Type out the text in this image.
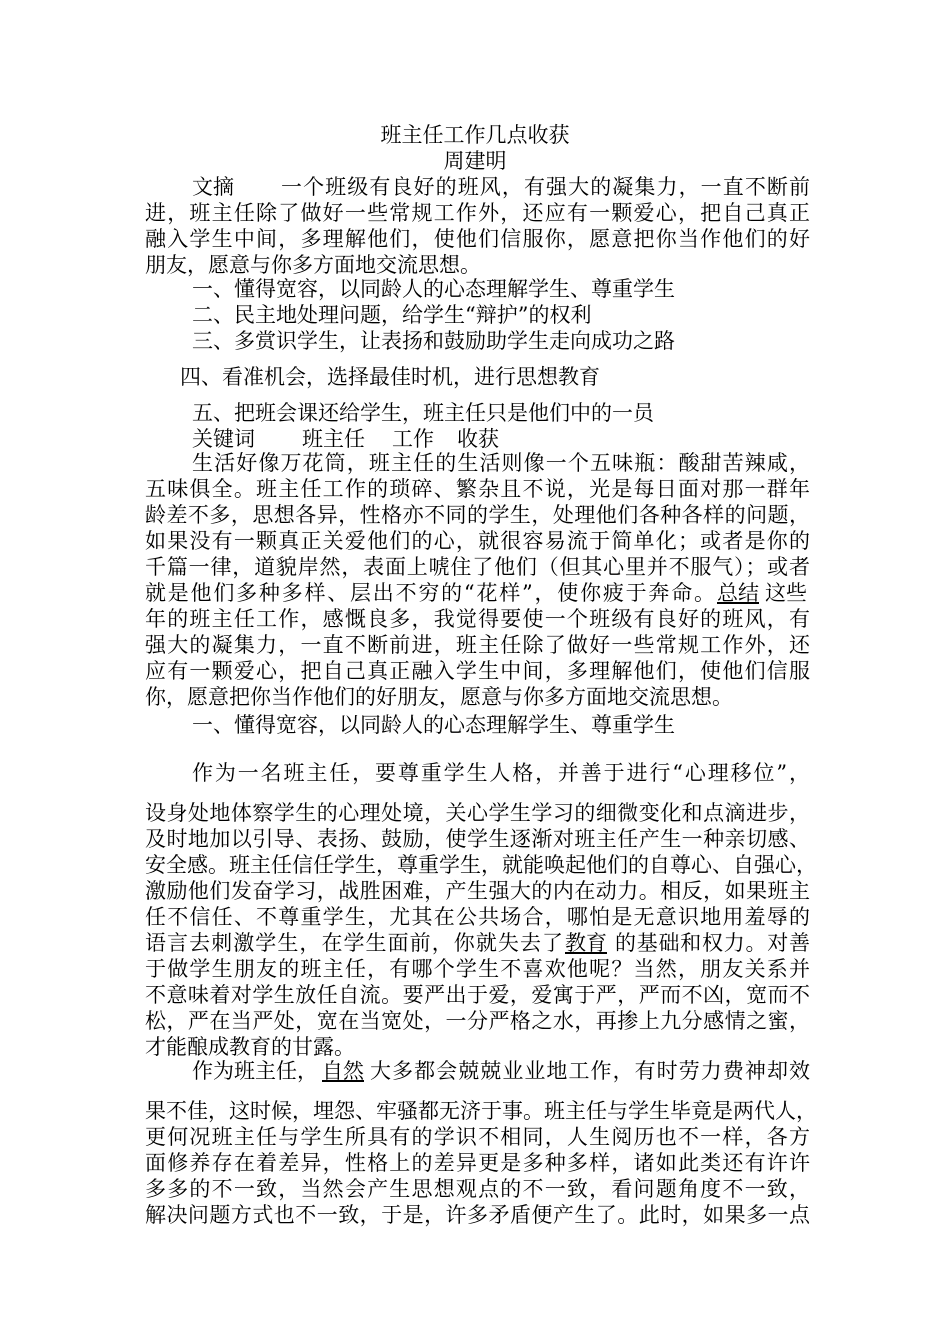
班主任工作几点收获
周建明
文摘	一个班级有良好的班风，有强大的凝集力，一直不断前
进，班主任除了做好一些常规工作外，还应有一颗爱心，把自己真正
融入学生中间，多理解他们，使他们信服你，愿意把你当作他们的好
朋友，愿意与你多方面地交流思想。
一、懂得宽容，以同龄人的心态理解学生、尊重学生
二、民主地处理问题，给学生“辩护”的权利
三、多赏识学生，让表扬和鼓励助学生走向成功之路
四、看准机会，选择最佳时机，进行思想教育
五、把班会课还给学生，班主任只是他们中的一员
关键词	班主任	工作	收获
生活好像万花筒，班主任的生活则像一个五味瓶：酸甜苦辣咸，
五味俱全。班主任工作的琐碎、繁杂且不说，光是每日面对那一群年
龄差不多，思想各异，性格亦不同的学生，处理他们各种各样的问题，
如果没有一颗真正关爱他们的心，就很容易流于简单化；或者是你的
千篇一律，道貌岸然，表面上唬住了他们（但其心里并不服气）；或者
就是他们多种多样、层出不穷的“花样”，使你疲于奔命。 总结 这些
年的班主任工作，感慨良多，我觉得要使一个班级有良好的班风，有
强大的凝集力，一直不断前进，班主任除了做好一些常规工作外，还
应有一颗爱心，把自己真正融入学生中间，多理解他们，使他们信服
你，愿意把你当作他们的好朋友，愿意与你多方面地交流思想。
一、懂得宽容，以同龄人的心态理解学生、尊重学生
作为一名班主任，要尊重学生人格，并善于进行“心理移位”，
设身处地体察学生的心理处境，关心学生学习的细微变化和点滴进步，
及时地加以引导、表扬、鼓励，使学生逐渐对班主任产生一种亲切感、
安全感。班主任信任学生，尊重学生，就能唤起他们的自尊心、自强心，
激励他们发奋学习，战胜困难，产生强大的内在动力。相反，如果班主
任不信任、不尊重学生，尤其在公共场合，哪怕是无意识地用羞辱的
语言去刺激学生，在学生面前，你就失去了 教育 的基础和权力。对善
于做学生朋友的班主任，有哪个学生不喜欢他呢？当然，朋友关系并
不意味着对学生放任自流。要严出于爱，爱寓于严，严而不凶，宽而不
松，严在当严处，宽在当宽处，一分严格之水，再掺上九分感情之蜜，
才能酿成教育的甘露。
作为班主任， 自然 大多都会兢兢业业地工作，有时劳力费神却效
果不佳，这时候，埋怨、牢骚都无济于事。班主任与学生毕竟是两代人，
更何况班主任与学生所具有的学识不相同，人生阅历也不一样，各方
面修养存在着差异，性格上的差异更是多种多样，诸如此类还有许许
多多的不一致，当然会产生思想观点的不一致，看问题角度不一致，
解决问题方式也不一致，于是，许多矛盾便产生了。此时，如果多一点
